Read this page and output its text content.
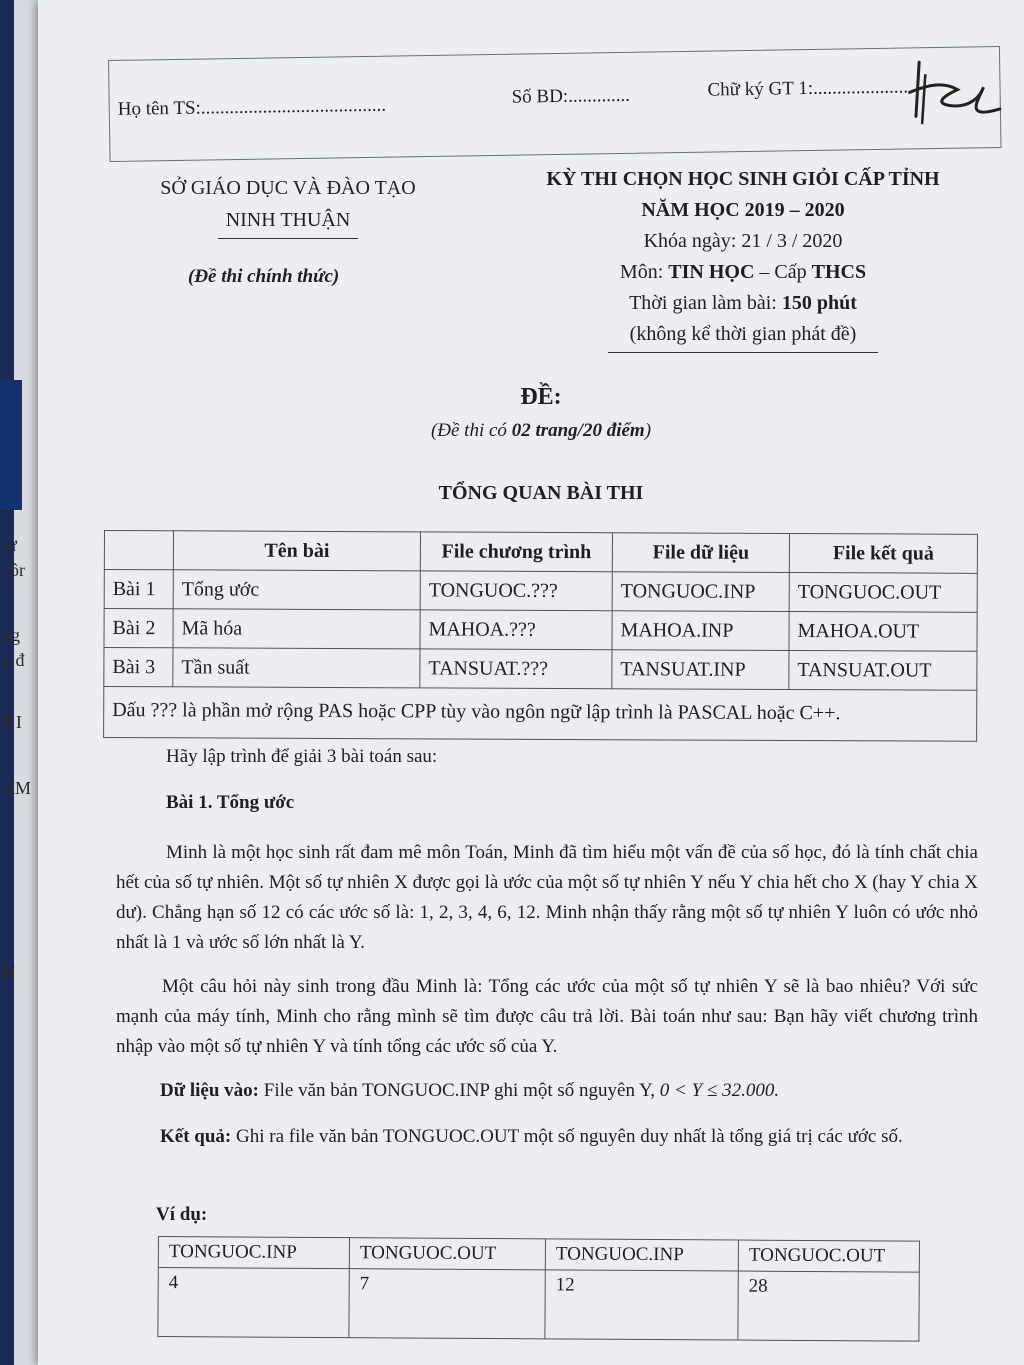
iư
côr
ng
o đ
P I
ÁM
N
Họ tên TS:.......................................	Số BD:.............	Chữ ký GT 1:....................
SỞ GIÁO DỤC VÀ ĐÀO TẠO
NINH THUẬN
(Đề thi chính thức)
KỲ THI CHỌN HỌC SINH GIỎI CẤP TỈNH
NĂM HỌC 2019 – 2020
Khóa ngày: 21 / 3 / 2020
Môn: TIN HỌC – Cấp THCS
Thời gian làm bài: 150 phút
(không kể thời gian phát đề)
ĐỀ:
(Đề thi có 02 trang/20 điểm)
TỔNG QUAN BÀI THI
	Tên bài	File chương trình	File dữ liệu	File kết quả
Bài 1	Tổng ước	TONGUOC.???	TONGUOC.INP	TONGUOC.OUT
Bài 2	Mã hóa	MAHOA.???	MAHOA.INP	MAHOA.OUT
Bài 3	Tần suất	TANSUAT.???	TANSUAT.INP	TANSUAT.OUT
Dấu ??? là phần mở rộng PAS hoặc CPP tùy vào ngôn ngữ lập trình là PASCAL hoặc C++.				
Hãy lập trình để giải 3 bài toán sau:
Bài 1. Tổng ước
Minh là một học sinh rất đam mê môn Toán, Minh đã tìm hiểu một vấn đề của số học, đó là tính chất chia hết của số tự nhiên. Một số tự nhiên X được gọi là ước của một số tự nhiên Y nếu Y chia hết cho X (hay Y chia X dư). Chẳng hạn số 12 có các ước số là: 1, 2, 3, 4, 6, 12. Minh nhận thấy rằng một số tự nhiên Y luôn có ước nhỏ nhất là 1 và ước số lớn nhất là Y.
Một câu hỏi này sinh trong đầu Minh là: Tổng các ước của một số tự nhiên Y sẽ là bao nhiêu? Với sức mạnh của máy tính, Minh cho rằng mình sẽ tìm được câu trả lời. Bài toán như sau: Bạn hãy viết chương trình nhập vào một số tự nhiên Y và tính tổng các ước số của Y.
Dữ liệu vào: File văn bản TONGUOC.INP ghi một số nguyên Y, 0 < Y ≤ 32.000.
Kết quả: Ghi ra file văn bản TONGUOC.OUT một số nguyên duy nhất là tổng giá trị các ước số.
Ví dụ:
TONGUOC.INP	TONGUOC.OUT	TONGUOC.INP	TONGUOC.OUT
4	7	12	28
